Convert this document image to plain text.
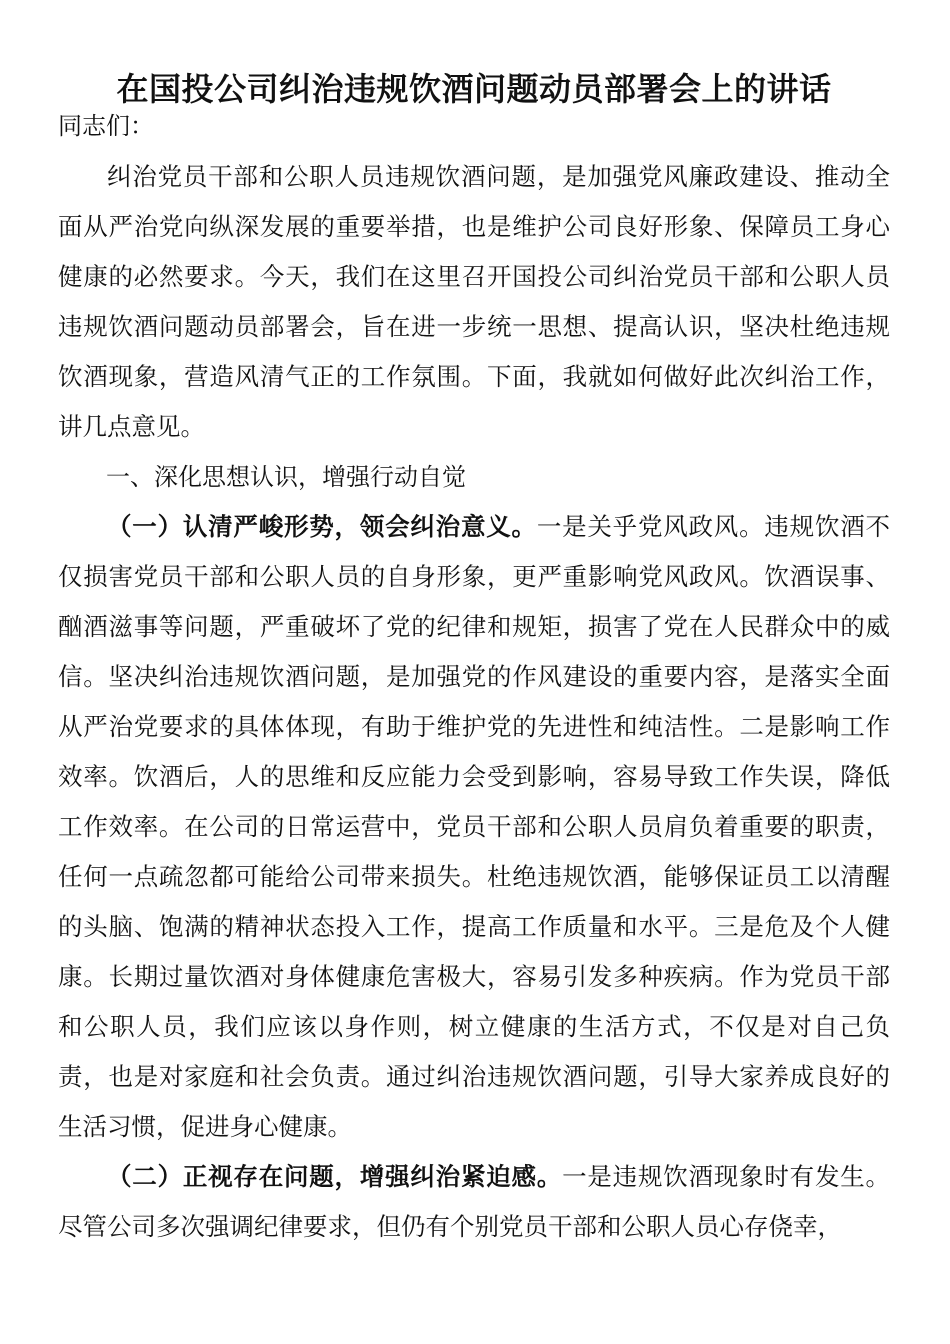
在国投公司纠治违规饮酒问题动员部署会上的讲话

同志们：

纠治党员干部和公职人员违规饮酒问题，是加强党风廉政建设、推动全面从严治党向纵深发展的重要举措，也是维护公司良好形象、保障员工身心健康的必然要求。今天，我们在这里召开国投公司纠治党员干部和公职人员违规饮酒问题动员部署会，旨在进一步统一思想、提高认识，坚决杜绝违规饮酒现象，营造风清气正的工作氛围。下面，我就如何做好此次纠治工作，讲几点意见。

一、深化思想认识，增强行动自觉

（一）认清严峻形势，领会纠治意义。一是关乎党风政风。违规饮酒不仅损害党员干部和公职人员的自身形象，更严重影响党风政风。饮酒误事、酗酒滋事等问题，严重破坏了党的纪律和规矩，损害了党在人民群众中的威信。坚决纠治违规饮酒问题，是加强党的作风建设的重要内容，是落实全面从严治党要求的具体体现，有助于维护党的先进性和纯洁性。二是影响工作效率。饮酒后，人的思维和反应能力会受到影响，容易导致工作失误，降低工作效率。在公司的日常运营中，党员干部和公职人员肩负着重要的职责，任何一点疏忽都可能给公司带来损失。杜绝违规饮酒，能够保证员工以清醒的头脑、饱满的精神状态投入工作，提高工作质量和水平。三是危及个人健康。长期过量饮酒对身体健康危害极大，容易引发多种疾病。作为党员干部和公职人员，我们应该以身作则，树立健康的生活方式，不仅是对自己负责，也是对家庭和社会负责。通过纠治违规饮酒问题，引导大家养成良好的生活习惯，促进身心健康。

（二）正视存在问题，增强纠治紧迫感。一是违规饮酒现象时有发生。尽管公司多次强调纪律要求，但仍有个别党员干部和公职人员心存侥幸，
